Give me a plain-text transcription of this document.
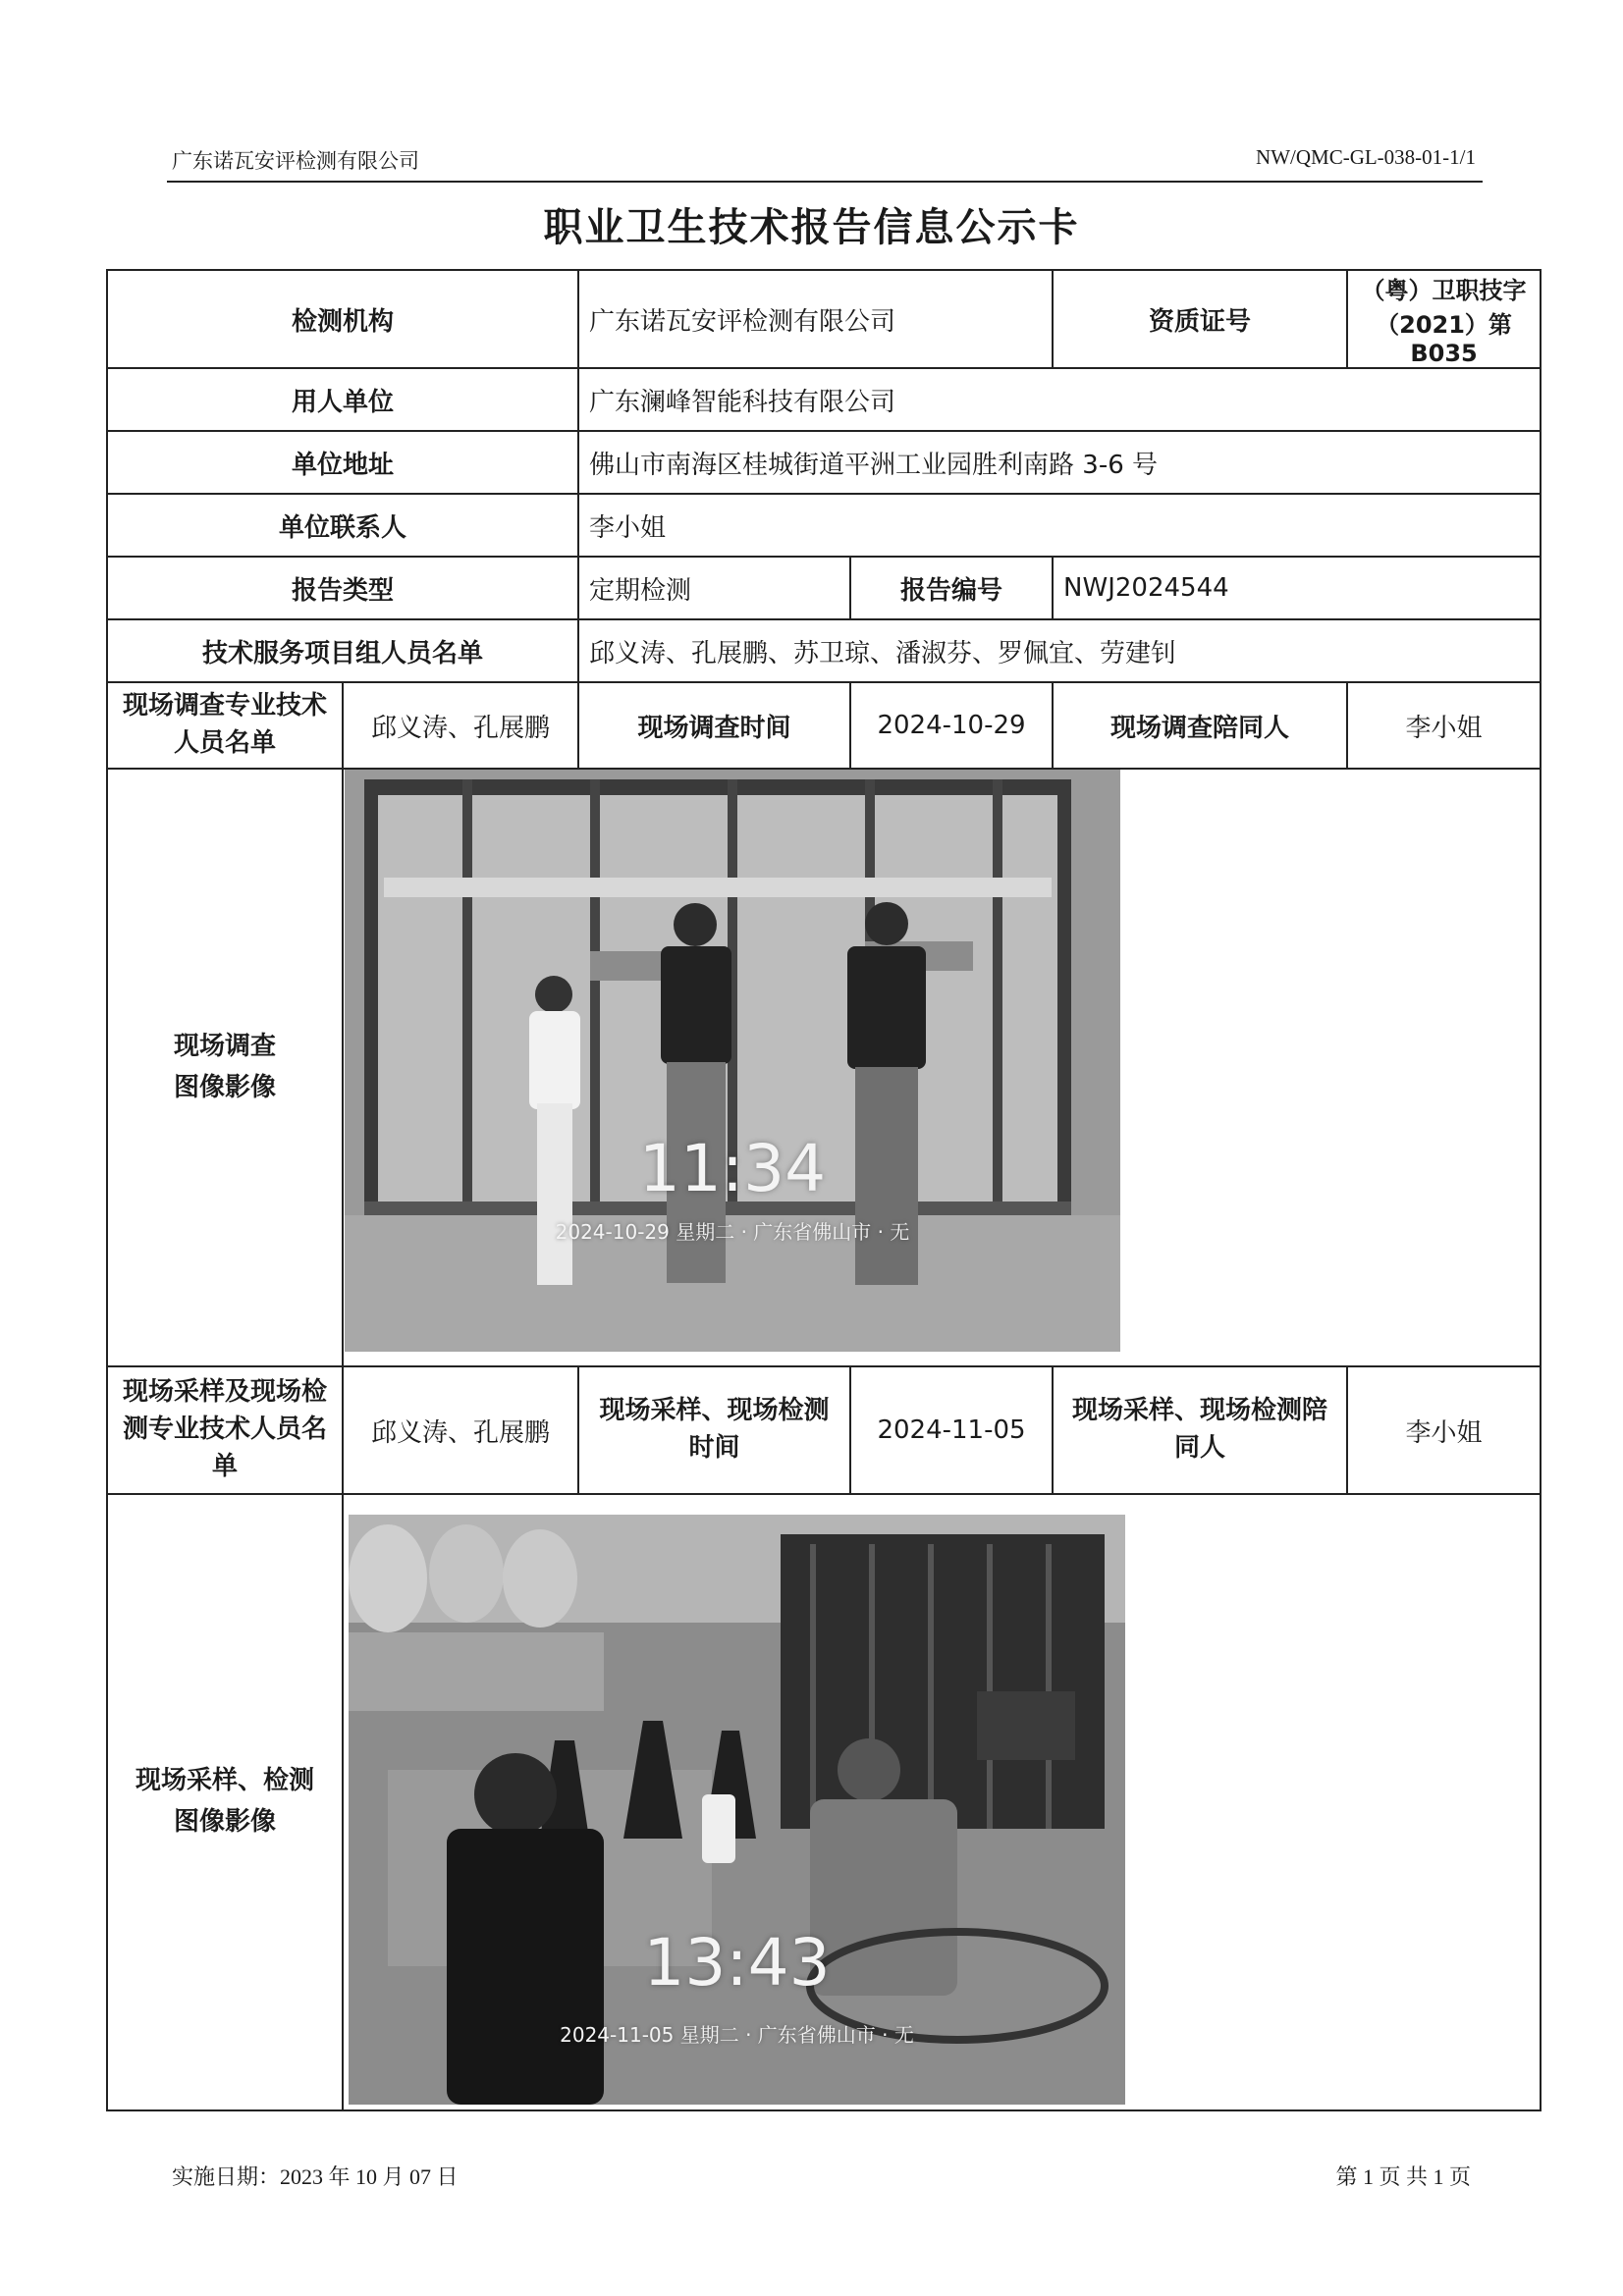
广东诺瓦安评检测有限公司	NW/QMC-GL-038-01-1/1
职业卫生技术报告信息公示卡
检测机构		广东诺瓦安评检测有限公司		资质证号	（粤）卫职技字（2021）第 B035
用人单位		广东澜峰智能科技有限公司			
单位地址		佛山市南海区桂城街道平洲工业园胜利南路 3-6 号			
单位联系人		李小姐			
报告类型		定期检测	报告编号	NWJ2024544	
技术服务项目组人员名单		邱义涛、孔展鹏、苏卫琼、潘淑芬、罗佩宜、劳建钊			
现场调查专业技术人员名单	邱义涛、孔展鹏	现场调查时间	2024-10-29	现场调查陪同人	李小姐
现场调查图像影像	11:34
2024-10-29 星期二 · 广东省佛山市 · 无				

现场采样及现场检测专业技术人员名单	邱义涛、孔展鹏	现场采样、现场检测时间	2024-11-05	现场采样、现场检测陪同人	李小姐
现场采样、检测图像影像	13:43
2024-11-05 星期二 · 广东省佛山市 · 无				
实施日期：2023 年 10 月 07 日	第 1 页 共 1 页
